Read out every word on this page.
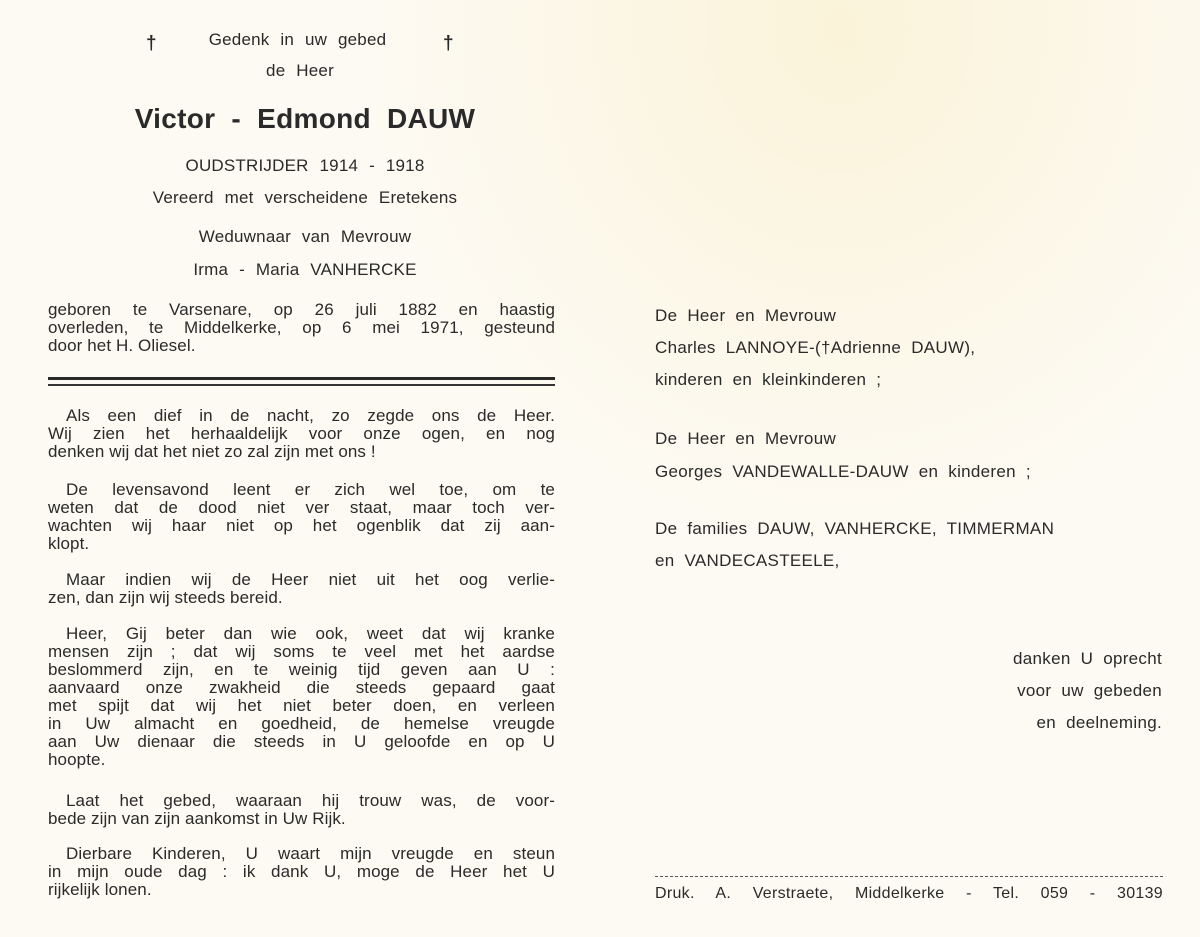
†	Gedenk in uw gebed	†
de Heer
Victor - Edmond DAUW
OUDSTRIJDER 1914 - 1918
Vereerd met verscheidene Eretekens
Weduwnaar van Mevrouw
Irma - Maria VANHERCKE
geboren te Varsenare, op 26 juli 1882 en haastig
overleden, te Middelkerke, op 6 mei 1971, gesteund
door het H. Oliesel.
Als een dief in de nacht, zo zegde ons de Heer.
Wij zien het herhaaldelijk voor onze ogen, en nog
denken wij dat het niet zo zal zijn met ons !
De levensavond leent er zich wel toe, om te
weten dat de dood niet ver staat, maar toch ver-
wachten wij haar niet op het ogenblik dat zij aan-
klopt.
Maar indien wij de Heer niet uit het oog verlie-
zen, dan zijn wij steeds bereid.
Heer, Gij beter dan wie ook, weet dat wij kranke
mensen zijn ; dat wij soms te veel met het aardse
beslommerd zijn, en te weinig tijd geven aan U :
aanvaard onze zwakheid die steeds gepaard gaat
met spijt dat wij het niet beter doen, en verleen
in Uw almacht en goedheid, de hemelse vreugde
aan Uw dienaar die steeds in U geloofde en op U
hoopte.
Laat het gebed, waaraan hij trouw was, de voor-
bede zijn van zijn aankomst in Uw Rijk.
Dierbare Kinderen, U waart mijn vreugde en steun
in mijn oude dag : ik dank U, moge de Heer het U
rijkelijk lonen.
De Heer en Mevrouw
Charles LANNOYE-(†Adrienne DAUW),
kinderen en kleinkinderen ;
De Heer en Mevrouw
Georges VANDEWALLE-DAUW en kinderen ;
De families DAUW, VANHERCKE, TIMMERMAN
en VANDECASTEELE,
danken U oprecht
voor uw gebeden
en deelneming.
Druk. A. Verstraete, Middelkerke - Tel. 059 - 30139
